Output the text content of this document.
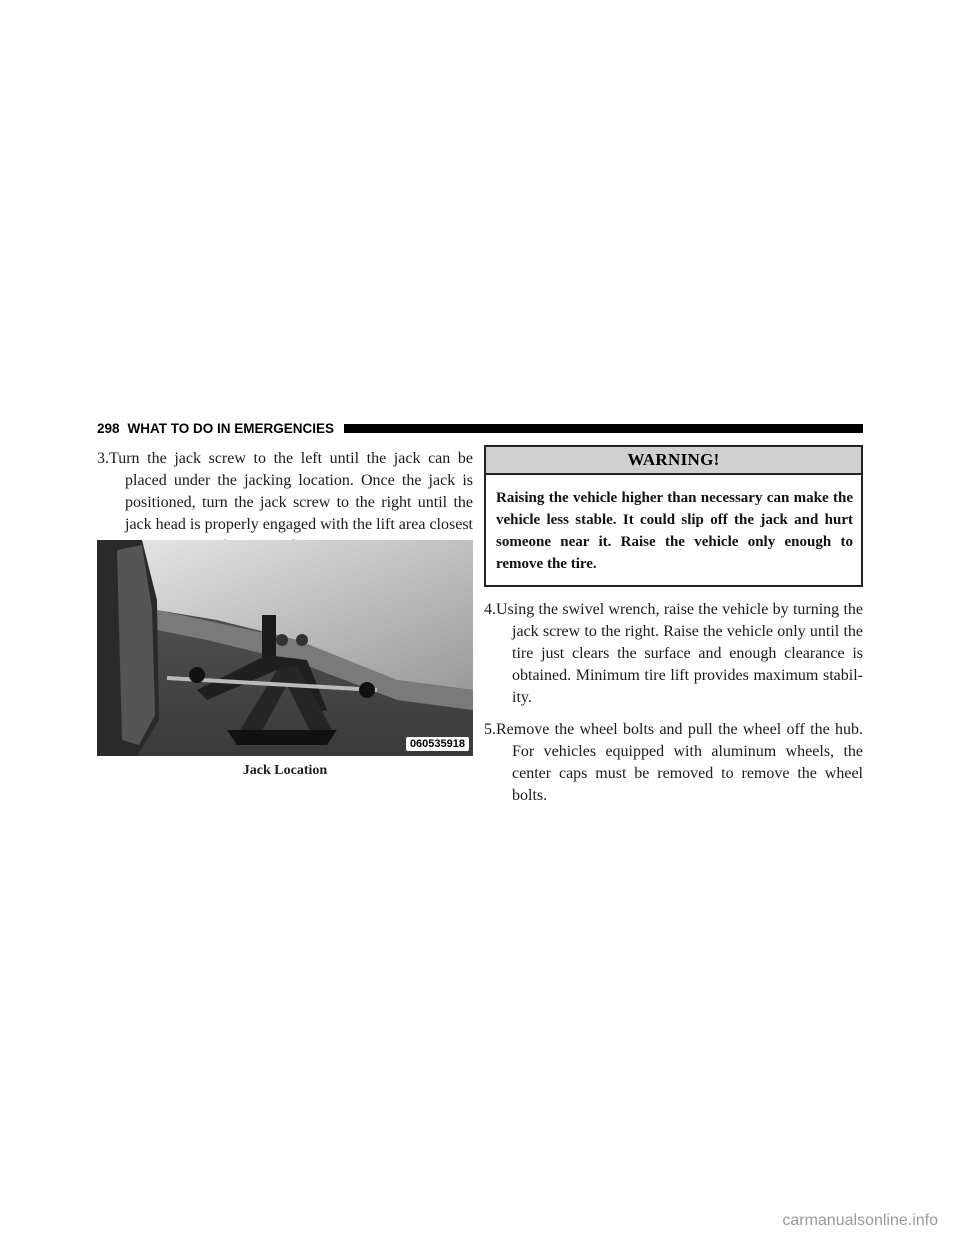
298 WHAT TO DO IN EMERGENCIES
3. Turn the jack screw to the left until the jack can be placed under the jacking location. Once the jack is positioned, turn the jack screw to the right until the jack head is properly engaged with the lift area closest
060535918
Jack Location
WARNING!
Raising the vehicle higher than necessary can make the vehicle less stable. It could slip off the jack and hurt someone near it. Raise the vehicle only enough to remove the tire.
4. Using the swivel wrench, raise the vehicle by turning the jack screw to the right. Raise the vehicle only until the tire just clears the surface and enough clearance is obtained. Minimum tire lift provides maximum stabil-ity.
5. Remove the wheel bolts and pull the wheel off the hub. For vehicles equipped with aluminum wheels, the center caps must be removed to remove the wheel bolts.
carmanualsonline.info
